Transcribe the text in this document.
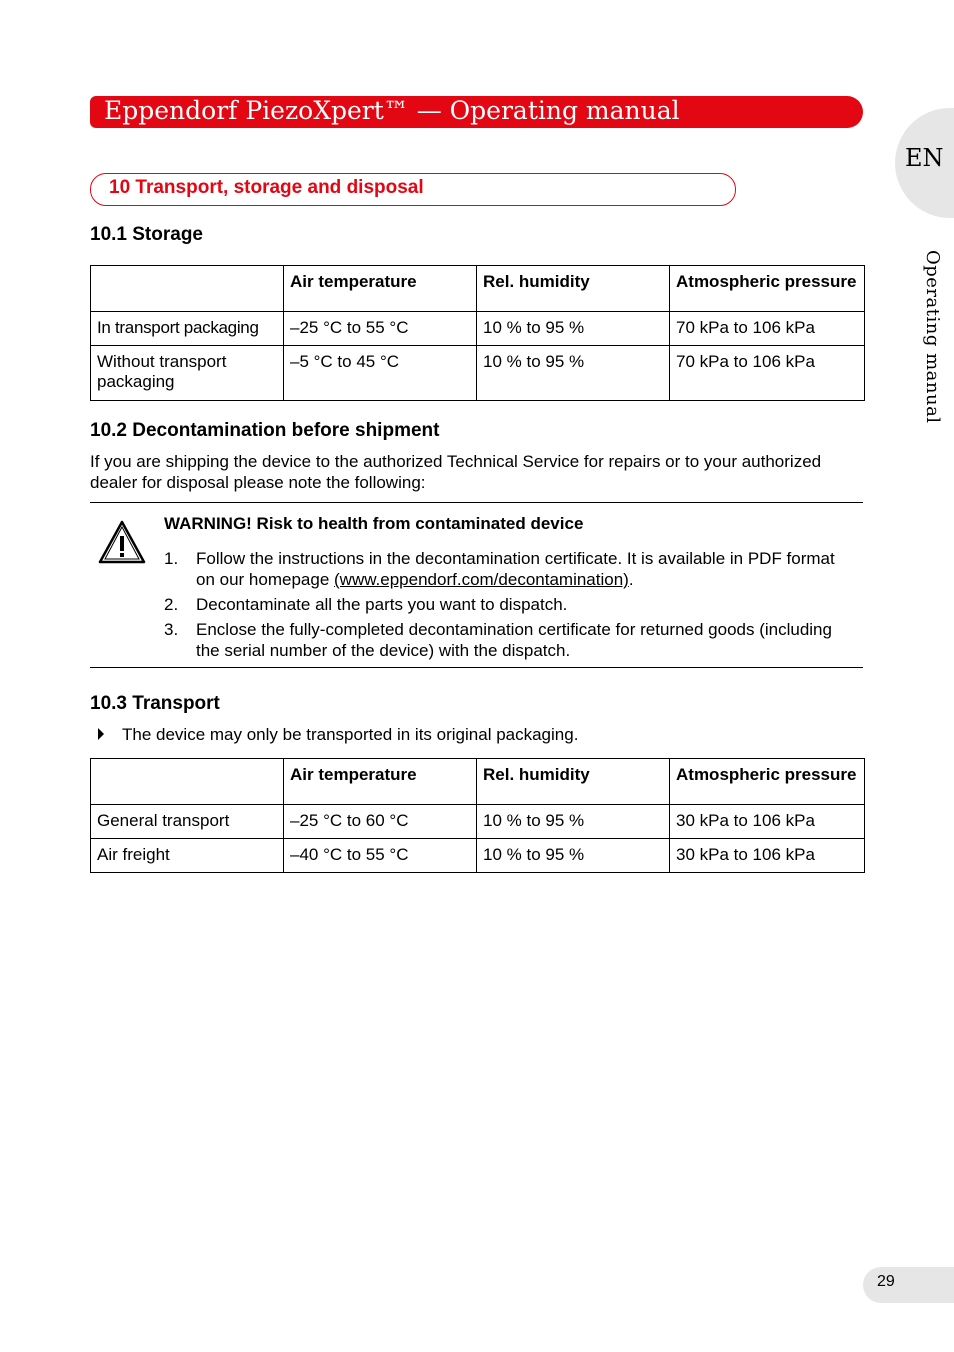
Eppendorf PiezoXpert™ — Operating manual
EN
Operating manual
10 Transport, storage and disposal
10.1 Storage
	Air temperature	Rel. humidity	Atmospheric pressure
In transport packaging	–25 °C to 55 °C	10 % to 95 %	70 kPa to 106 kPa
Without transport packaging	–5 °C to 45 °C	10 % to 95 %	70 kPa to 106 kPa
10.2 Decontamination before shipment
If you are shipping the device to the authorized Technical Service for repairs or to your authorized dealer for disposal please note the following:
WARNING! Risk to health from contaminated device
1. Follow the instructions in the decontamination certificate. It is available in PDF format on our homepage (www.eppendorf.com/decontamination).
2. Decontaminate all the parts you want to dispatch.
3. Enclose the fully-completed decontamination certificate for returned goods (including the serial number of the device) with the dispatch.
10.3 Transport
The device may only be transported in its original packaging.
	Air temperature	Rel. humidity	Atmospheric pressure
General transport	–25 °C to 60 °C	10 % to 95 %	30 kPa to 106 kPa
Air freight	–40 °C to 55 °C	10 % to 95 %	30 kPa to 106 kPa
29
